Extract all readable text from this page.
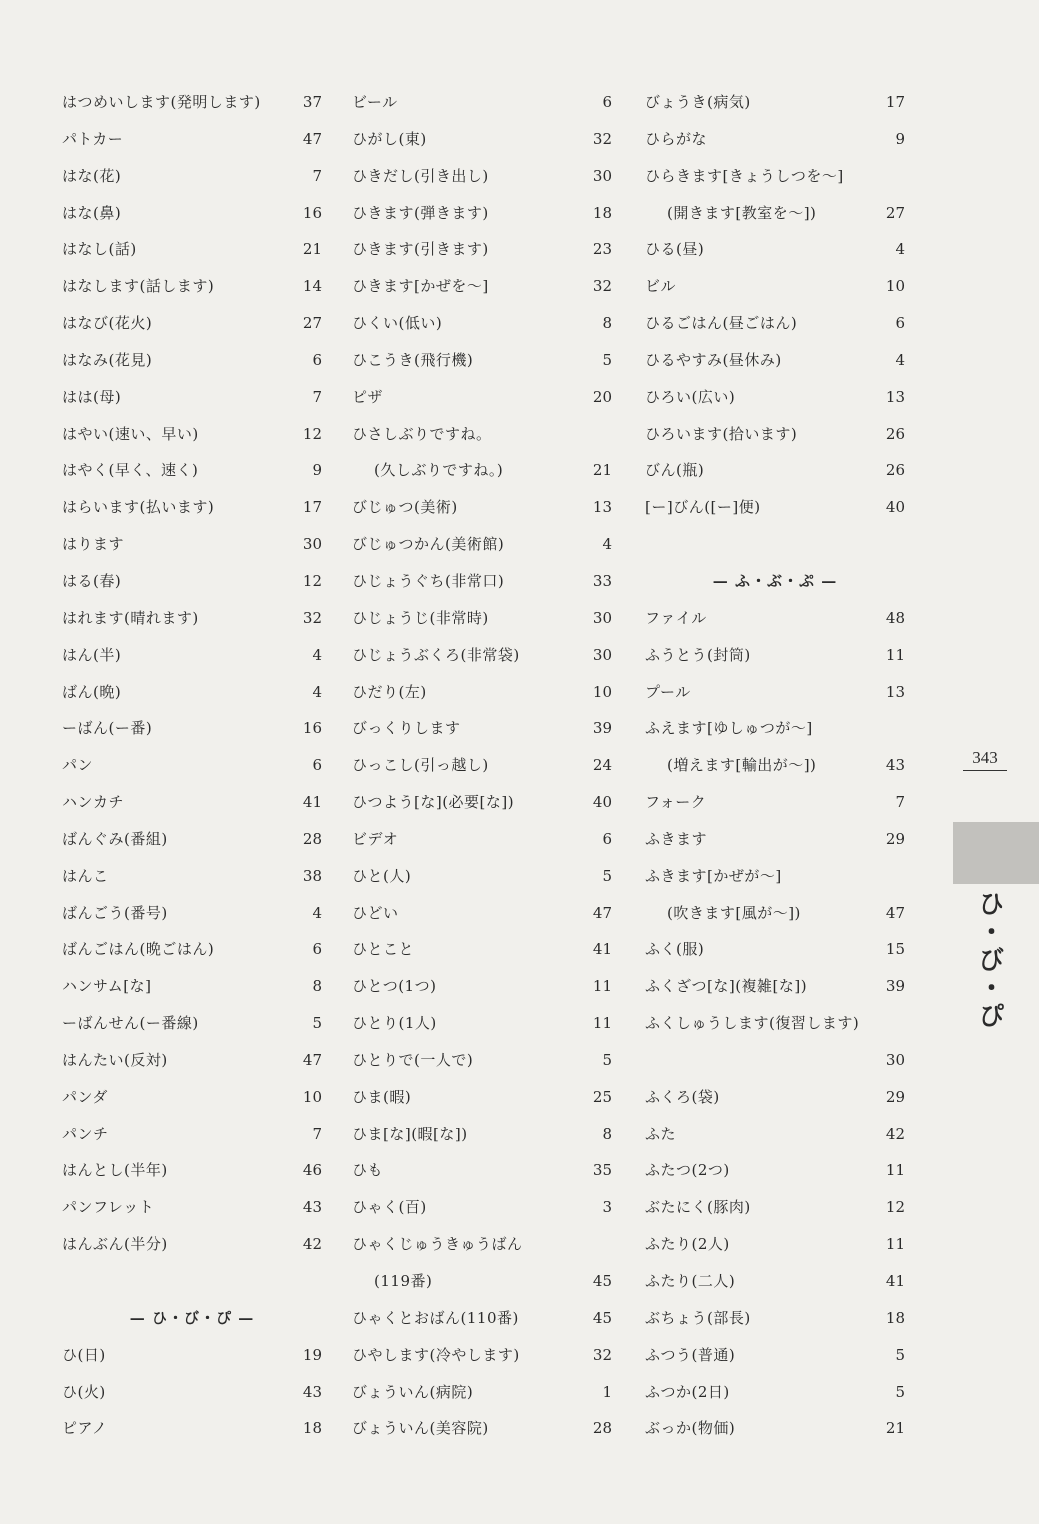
はつめいします(発明します)	37
パトカー	47
はな(花)	7
はな(鼻)	16
はなし(話)	21
はなします(話します)	14
はなび(花火)	27
はなみ(花見)	6
はは(母)	7
はやい(速い、早い)	12
はやく(早く、速く)	9
はらいます(払います)	17
はります	30
はる(春)	12
はれます(晴れます)	32
はん(半)	4
ばん(晩)	4
ーばん(ー番)	16
パン	6
ハンカチ	41
ばんぐみ(番組)	28
はんこ	38
ばんごう(番号)	4
ばんごはん(晩ごはん)	6
ハンサム[な]	8
ーばんせん(ー番線)	5
はんたい(反対)	47
パンダ	10
パンチ	7
はんとし(半年)	46
パンフレット	43
はんぶん(半分)	42
— ひ・び・ぴ —
ひ(日)	19
ひ(火)	43
ピアノ	18
ビール	6
ひがし(東)	32
ひきだし(引き出し)	30
ひきます(弾きます)	18
ひきます(引きます)	23
ひきます[かぜを〜]	32
ひくい(低い)	8
ひこうき(飛行機)	5
ピザ	20
ひさしぶりですね。
(久しぶりですね。)	21
びじゅつ(美術)	13
びじゅつかん(美術館)	4
ひじょうぐち(非常口)	33
ひじょうじ(非常時)	30
ひじょうぶくろ(非常袋)	30
ひだり(左)	10
びっくりします	39
ひっこし(引っ越し)	24
ひつよう[な](必要[な])	40
ビデオ	6
ひと(人)	5
ひどい	47
ひとこと	41
ひとつ(1つ)	11
ひとり(1人)	11
ひとりで(一人で)	5
ひま(暇)	25
ひま[な](暇[な])	8
ひも	35
ひゃく(百)	3
ひゃくじゅうきゅうばん
(119番)	45
ひゃくとおばん(110番)	45
ひやします(冷やします)	32
びょういん(病院)	1
びょういん(美容院)	28
びょうき(病気)	17
ひらがな	9
ひらきます[きょうしつを〜]
(開きます[教室を〜])	27
ひる(昼)	4
ビル	10
ひるごはん(昼ごはん)	6
ひるやすみ(昼休み)	4
ひろい(広い)	13
ひろいます(拾います)	26
びん(瓶)	26
[ー]びん([ー]便)	40
— ふ・ぶ・ぷ —
ファイル	48
ふうとう(封筒)	11
プール	13
ふえます[ゆしゅつが〜]
(増えます[輸出が〜])	43
フォーク	7
ふきます	29
ふきます[かぜが〜]
(吹きます[風が〜])	47
ふく(服)	15
ふくざつ[な](複雑[な])	39
ふくしゅうします(復習します)
30
ふくろ(袋)	29
ふた	42
ふたつ(2つ)	11
ぶたにく(豚肉)	12
ふたり(2人)	11
ふたり(二人)	41
ぶちょう(部長)	18
ふつう(普通)	5
ふつか(2日)	5
ぶっか(物価)	21
343
ひ・び・ぴ
